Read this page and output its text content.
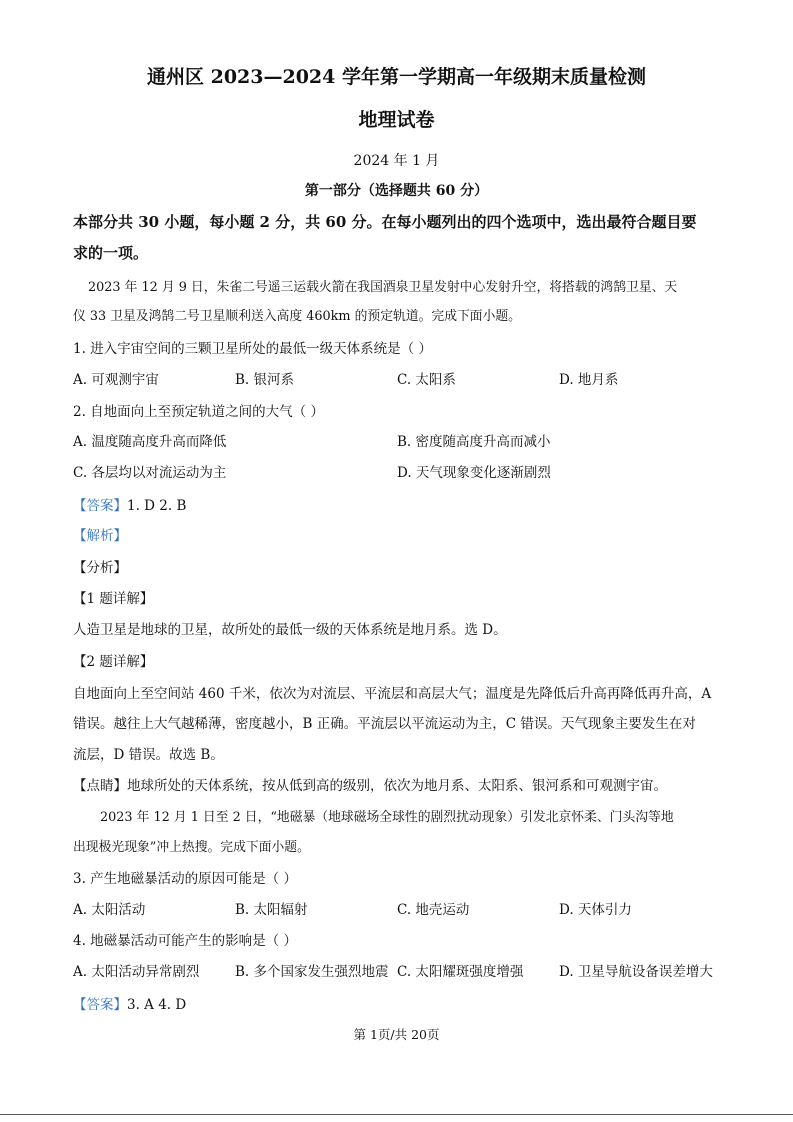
通州区 2023—2024 学年第一学期高一年级期末质量检测
地理试卷
2024 年 1 月
第一部分（选择题共 60 分）
本部分共 30 小题，每小题 2 分，共 60 分。在每小题列出的四个选项中，选出最符合题目要
求的一项。
2023 年 12 月 9 日，朱雀二号遥三运载火箭在我国酒泉卫星发射中心发射升空，将搭载的鸿鹄卫星、天
仪 33 卫星及鸿鹄二号卫星顺利送入高度 460km 的预定轨道。完成下面小题。
1. 进入宇宙空间的三颗卫星所处的最低一级天体系统是（ ）
A. 可观测宇宙	B. 银河系	C. 太阳系	D. 地月系
2. 自地面向上至预定轨道之间的大气（ ）
A. 温度随高度升高而降低	B. 密度随高度升高而减小
C. 各层均以对流运动为主	D. 天气现象变化逐渐剧烈
【答案】1. D 2. B
【解析】
【分析】
【1 题详解】
人造卫星是地球的卫星，故所处的最低一级的天体系统是地月系。选 D。
【2 题详解】
自地面向上至空间站 460 千米，依次为对流层、平流层和高层大气；温度是先降低后升高再降低再升高，A
错误。越往上大气越稀薄，密度越小，B 正确。平流层以平流运动为主，C 错误。天气现象主要发生在对
流层，D 错误。故选 B。
【点睛】地球所处的天体系统，按从低到高的级别，依次为地月系、太阳系、银河系和可观测宇宙。
2023 年 12 月 1 日至 2 日，“地磁暴（地球磁场全球性的剧烈扰动现象）引发北京怀柔、门头沟等地
出现极光现象”冲上热搜。完成下面小题。
3. 产生地磁暴活动的原因可能是（ ）
A. 太阳活动	B. 太阳辐射	C. 地壳运动	D. 天体引力
4. 地磁暴活动可能产生的影响是（ ）
A. 太阳活动异常剧烈	B. 多个国家发生强烈地震 C. 太阳耀斑强度增强	D. 卫星导航设备误差增大
【答案】3. A 4. D
第 1页/共 20页
